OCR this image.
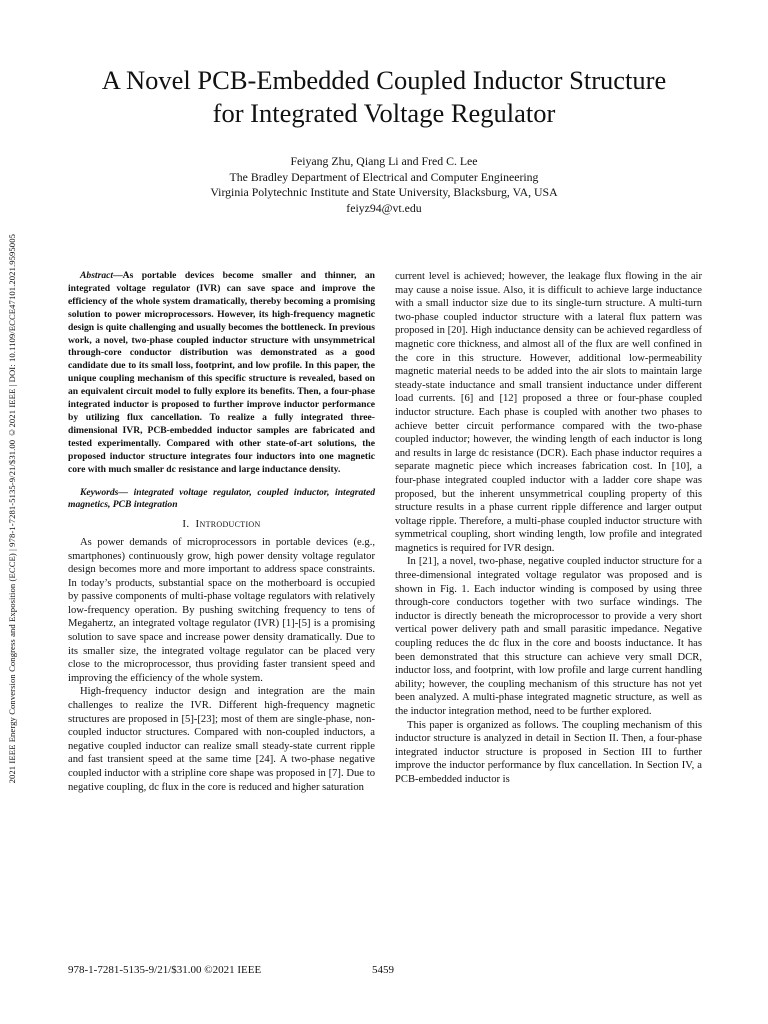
2021 IEEE Energy Conversion Congress and Exposition (ECCE) | 978-1-7281-5135-9/21/$31.00 ©2021 IEEE | DOI: 10.1109/ECCE47101.2021.9595005
A Novel PCB-Embedded Coupled Inductor Structure
for Integrated Voltage Regulator
Feiyang Zhu, Qiang Li and Fred C. Lee
The Bradley Department of Electrical and Computer Engineering
Virginia Polytechnic Institute and State University, Blacksburg, VA, USA
feiyz94@vt.edu

Abstract—As portable devices become smaller and thinner, an integrated voltage regulator (IVR) can save space and improve the efficiency of the whole system dramatically, thereby becoming a promising solution to power microprocessors. However, its high-frequency magnetic design is quite challenging and usually becomes the bottleneck. In previous work, a novel, two-phase coupled inductor structure with unsymmetrical through-core conductor distribution was demonstrated as a good candidate due to its small loss, footprint, and low profile. In this paper, the unique coupling mechanism of this specific structure is revealed, based on an equivalent circuit model to fully explore its benefits. Then, a four-phase integrated inductor is proposed to further improve inductor performance by utilizing flux cancellation. To realize a fully integrated three-dimensional IVR, PCB-embedded inductor samples are fabricated and tested experimentally. Compared with other state-of-art solutions, the proposed inductor structure integrates four inductors into one magnetic core with much smaller dc resistance and large inductance density.

Keywords— integrated voltage regulator, coupled inductor, integrated magnetics, PCB integration

I. Introduction

As power demands of microprocessors in portable devices (e.g., smartphones) continuously grow, high power density voltage regulator design becomes more and more important to address space constraints. In today’s products, substantial space on the motherboard is occupied by passive components of multi-phase voltage regulators with relatively low-frequency operation. By pushing switching frequency to tens of Megahertz, an integrated voltage regulator (IVR) [1]-[5] is a promising solution to save space and increase power density dramatically. Due to its smaller size, the integrated voltage regulator can be placed very close to the microprocessor, thus providing faster transient speed and improving the efficiency of the whole system.

High-frequency inductor design and integration are the main challenges to realize the IVR. Different high-frequency magnetic structures are proposed in [5]-[23]; most of them are single-phase, non-coupled inductor structures. Compared with non-coupled inductors, a negative coupled inductor can realize small steady-state current ripple and fast transient speed at the same time [24]. A two-phase negative coupled inductor with a stripline core shape was proposed in [7]. Due to negative coupling, dc flux in the core is reduced and higher saturation

current level is achieved; however, the leakage flux flowing in the air may cause a noise issue. Also, it is difficult to achieve large inductance with a small inductor size due to its single-turn structure. A multi-turn two-phase coupled inductor structure with a lateral flux pattern was proposed in [20]. High inductance density can be achieved regardless of magnetic core thickness, and almost all of the flux are well confined in the core in this structure. However, additional low-permeability magnetic material needs to be added into the air slots to maintain large steady-state inductance and small transient inductance under different load currents. [6] and [12] proposed a three or four-phase coupled inductor structure. Each phase is coupled with another two phases to achieve better circuit performance compared with the two-phase coupled inductor; however, the winding length of each inductor is long and results in large dc resistance (DCR). Each phase inductor requires a separate magnetic piece which increases fabrication cost. In [10], a four-phase integrated coupled inductor with a ladder core shape was proposed, but the inherent unsymmetrical coupling property of this structure results in a phase current ripple difference and larger output voltage ripple. Therefore, a multi-phase coupled inductor structure with symmetrical coupling, short winding length, low profile and integrated magnetics is required for IVR design.

In [21], a novel, two-phase, negative coupled inductor structure for a three-dimensional integrated voltage regulator was proposed and is shown in Fig. 1. Each inductor winding is composed by using three through-core conductors together with two surface windings. The inductor is directly beneath the microprocessor to provide a very short vertical power delivery path and small parasitic impedance. Negative coupling reduces the dc flux in the core and boosts inductance. It has been demonstrated that this structure can achieve very small DCR, inductor loss, and footprint, with low profile and large current handling ability; however, the coupling mechanism of this structure has not yet been analyzed. A multi-phase integrated magnetic structure, as well as the inductor integration method, need to be further explored.

This paper is organized as follows. The coupling mechanism of this inductor structure is analyzed in detail in Section II. Then, a four-phase integrated inductor structure is proposed in Section III to further improve the inductor performance by flux cancellation. In Section IV, a PCB-embedded inductor is

978-1-7281-5135-9/21/$31.00 ©2021 IEEE	5459
